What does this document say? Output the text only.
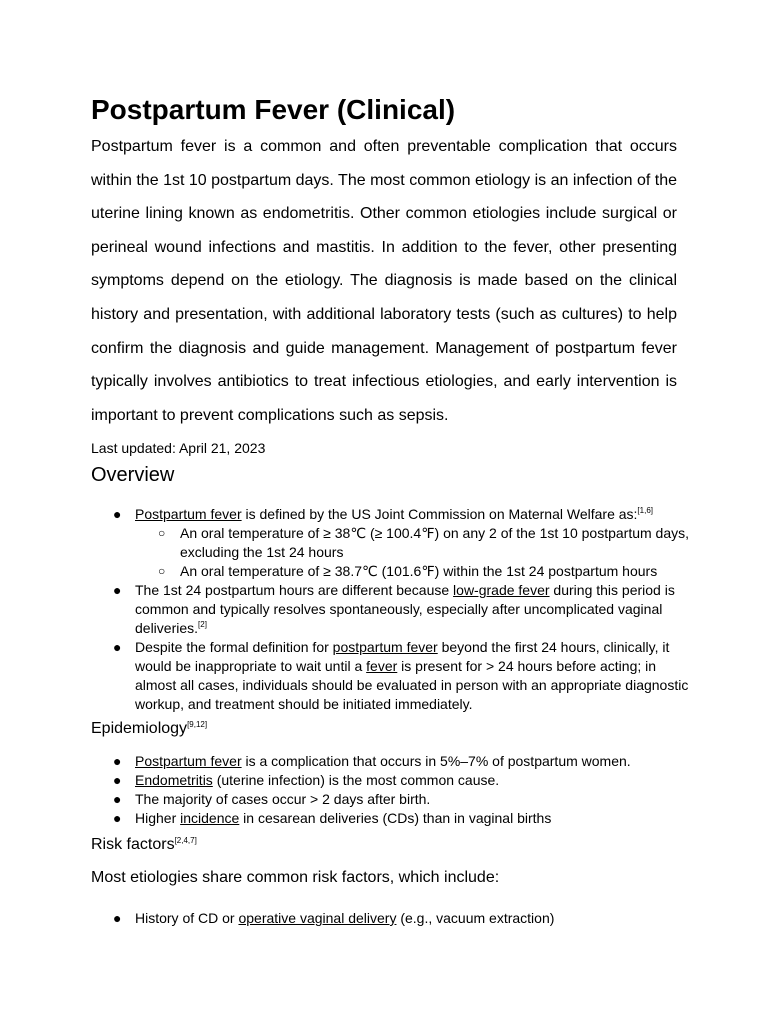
Postpartum Fever (Clinical)

Postpartum fever is a common and often preventable complication that occurs within the 1st 10 postpartum days. The most common etiology is an infection of the uterine lining known as endometritis. Other common etiologies include surgical or perineal wound infections and mastitis. In addition to the fever, other presenting symptoms depend on the etiology. The diagnosis is made based on the clinical history and presentation, with additional laboratory tests (such as cultures) to help confirm the diagnosis and guide management. Management of postpartum fever typically involves antibiotics to treat infectious etiologies, and early intervention is important to prevent complications such as sepsis.

Last updated: April 21, 2023

Overview
● Postpartum fever is defined by the US Joint Commission on Maternal Welfare as:[1,6]
○ An oral temperature of ≥ 38℃ (≥ 100.4℉) on any 2 of the 1st 10 postpartum days, excluding the 1st 24 hours
○ An oral temperature of ≥ 38.7℃ (101.6℉) within the 1st 24 postpartum hours
● The 1st 24 postpartum hours are different because low-grade fever during this period is common and typically resolves spontaneously, especially after uncomplicated vaginal deliveries.[2]
● Despite the formal definition for postpartum fever beyond the first 24 hours, clinically, it would be inappropriate to wait until a fever is present for > 24 hours before acting; in almost all cases, individuals should be evaluated in person with an appropriate diagnostic workup, and treatment should be initiated immediately.
Epidemiology[9,12]
● Postpartum fever is a complication that occurs in 5%–7% of postpartum women.
● Endometritis (uterine infection) is the most common cause.
● The majority of cases occur > 2 days after birth.
● Higher incidence in cesarean deliveries (CDs) than in vaginal births
Risk factors[2,4,7]

Most etiologies share common risk factors, which include:

● History of CD or operative vaginal delivery (e.g., vacuum extraction)
